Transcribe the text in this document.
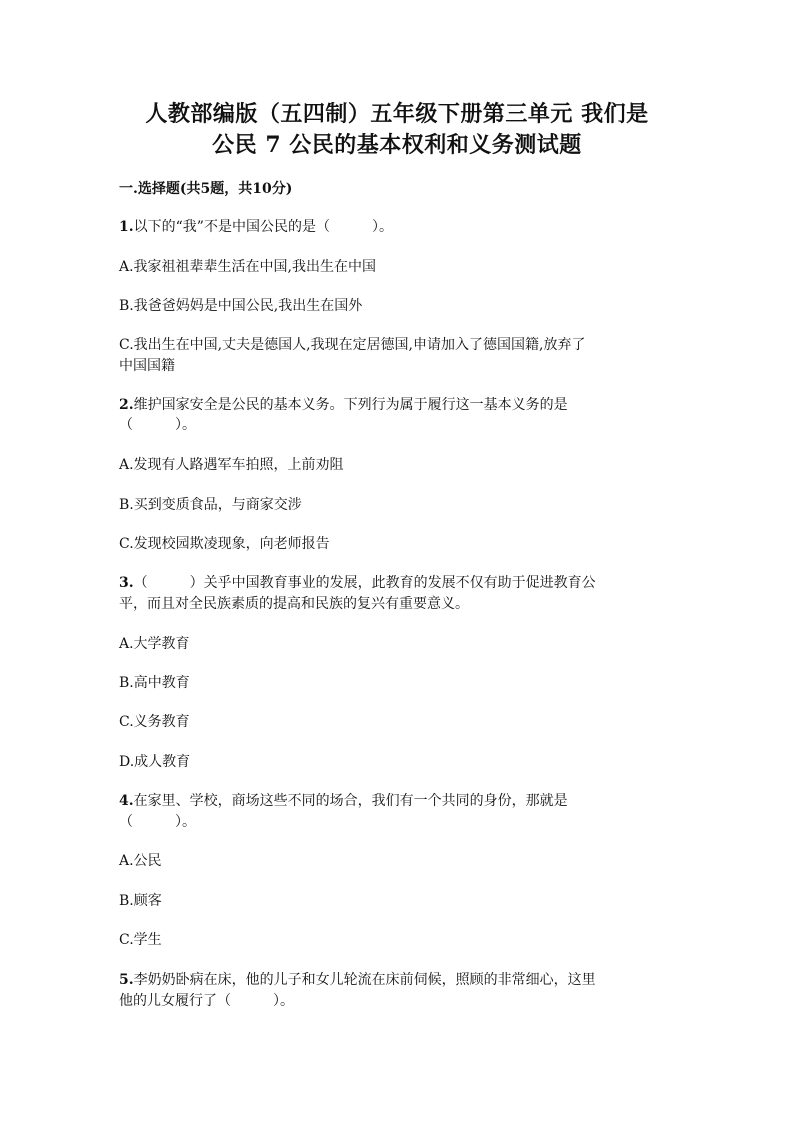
人教部编版（五四制）五年级下册第三单元 我们是
公民 7 公民的基本权利和义务测试题

一.选择题(共5题，共10分)

1.以下的“我”不是中国公民的是（　　　）。

A.我家祖祖辈辈生活在中国,我出生在中国

B.我爸爸妈妈是中国公民,我出生在国外

C.我出生在中国,丈夫是德国人,我现在定居德国,申请加入了德国国籍,放弃了

中国国籍

2.维护国家安全是公民的基本义务。下列行为属于履行这一基本义务的是

（　　　）。

A.发现有人路遇军车拍照，上前劝阻

B.买到变质食品，与商家交涉

C.发现校园欺凌现象，向老师报告

3.（　　　）关乎中国教育事业的发展，此教育的发展不仅有助于促进教育公

平，而且对全民族素质的提高和民族的复兴有重要意义。

A.大学教育

B.高中教育

C.义务教育

D.成人教育

4.在家里、学校，商场这些不同的场合，我们有一个共同的身份，那就是

（　　　）。

A.公民

B.顾客

C.学生

5.李奶奶卧病在床，他的儿子和女儿轮流在床前伺候，照顾的非常细心，这里

他的儿女履行了（　　　）。
